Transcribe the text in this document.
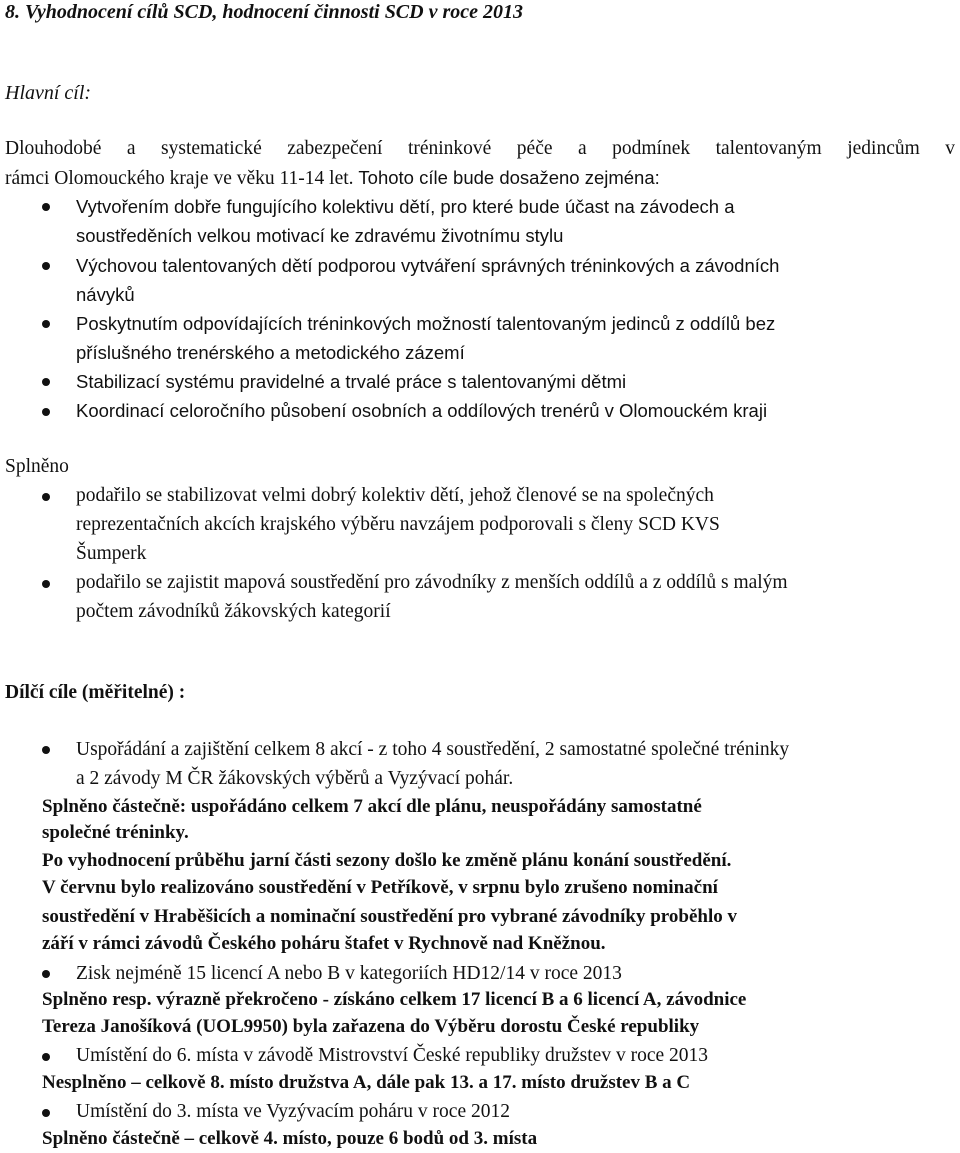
8. Vyhodnocení cílů SCD, hodnocení činnosti SCD v roce 2013
Hlavní cíl:
Dlouhodobé a systematické zabezpečení tréninkové péče a podmínek talentovaným jedincům v
rámci Olomouckého kraje ve věku 11-14 let. Tohoto cíle bude dosaženo zejména:
Vytvořením dobře fungujícího kolektivu dětí, pro které bude účast na závodech a
soustředěních velkou motivací ke zdravému životnímu stylu
Výchovou talentovaných dětí podporou vytváření správných tréninkových a závodních
návyků
Poskytnutím odpovídajících tréninkových možností talentovaným jedinců z oddílů bez
příslušného trenérského a metodického zázemí
Stabilizací systému pravidelné a trvalé práce s talentovanými dětmi
Koordinací celoročního působení osobních a oddílových trenérů v Olomouckém kraji
Splněno
podařilo se stabilizovat velmi dobrý kolektiv dětí, jehož členové se na společných
reprezentačních akcích krajského výběru navzájem podporovali s členy SCD KVS
Šumperk
podařilo se zajistit mapová soustředění pro závodníky z menších oddílů a z oddílů s malým
počtem závodníků žákovských kategorií
Dílčí cíle (měřitelné) :
Uspořádání a zajištění celkem 8 akcí - z toho 4 soustředění, 2 samostatné společné tréninky
a 2 závody M ČR žákovských výběrů a Vyzývací pohár.
Splněno částečně: uspořádáno celkem 7 akcí dle plánu, neuspořádány samostatné
společné tréninky.
Po vyhodnocení průběhu jarní části sezony došlo ke změně plánu konání soustředění.
V červnu bylo realizováno soustředění v Petříkově, v srpnu bylo zrušeno nominační
soustředění v Hraběšicích a nominační soustředění pro vybrané závodníky proběhlo v
září v rámci závodů Českého poháru štafet v Rychnově nad Kněžnou.
Zisk nejméně 15 licencí A nebo B v kategoriích HD12/14 v roce 2013
Splněno resp. výrazně překročeno - získáno celkem 17 licencí B a 6 licencí A, závodnice
Tereza Janošíková (UOL9950) byla zařazena do Výběru dorostu České republiky
Umístění do 6. místa v závodě Mistrovství České republiky družstev v roce 2013
Nesplněno – celkově 8. místo družstva A, dále pak 13. a 17. místo družstev B a C
Umístění do 3. místa ve Vyzývacím poháru v roce 2012
Splněno částečně – celkově 4. místo, pouze 6 bodů od 3. místa
